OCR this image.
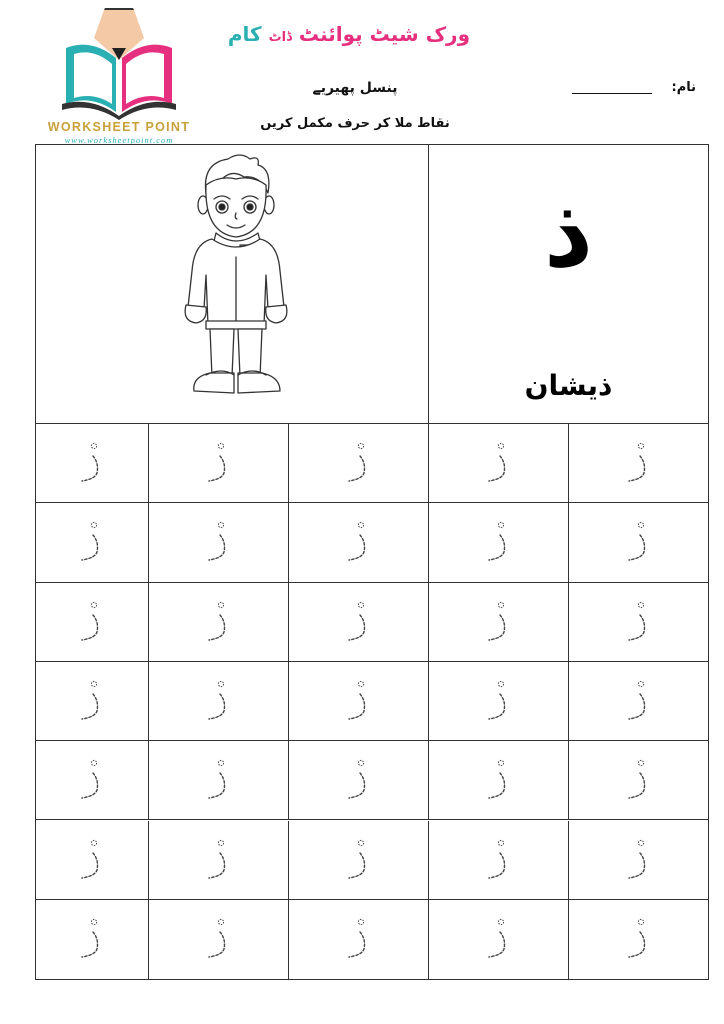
WORKSHEET POINT
www.worksheetpoint.com
ورک شیٹ پوائنٹ ڈاٹ کام
پنسل پھیریے
نقاط ملا کر حرف مکمل کریں
نام:
ذ
ذیشان
